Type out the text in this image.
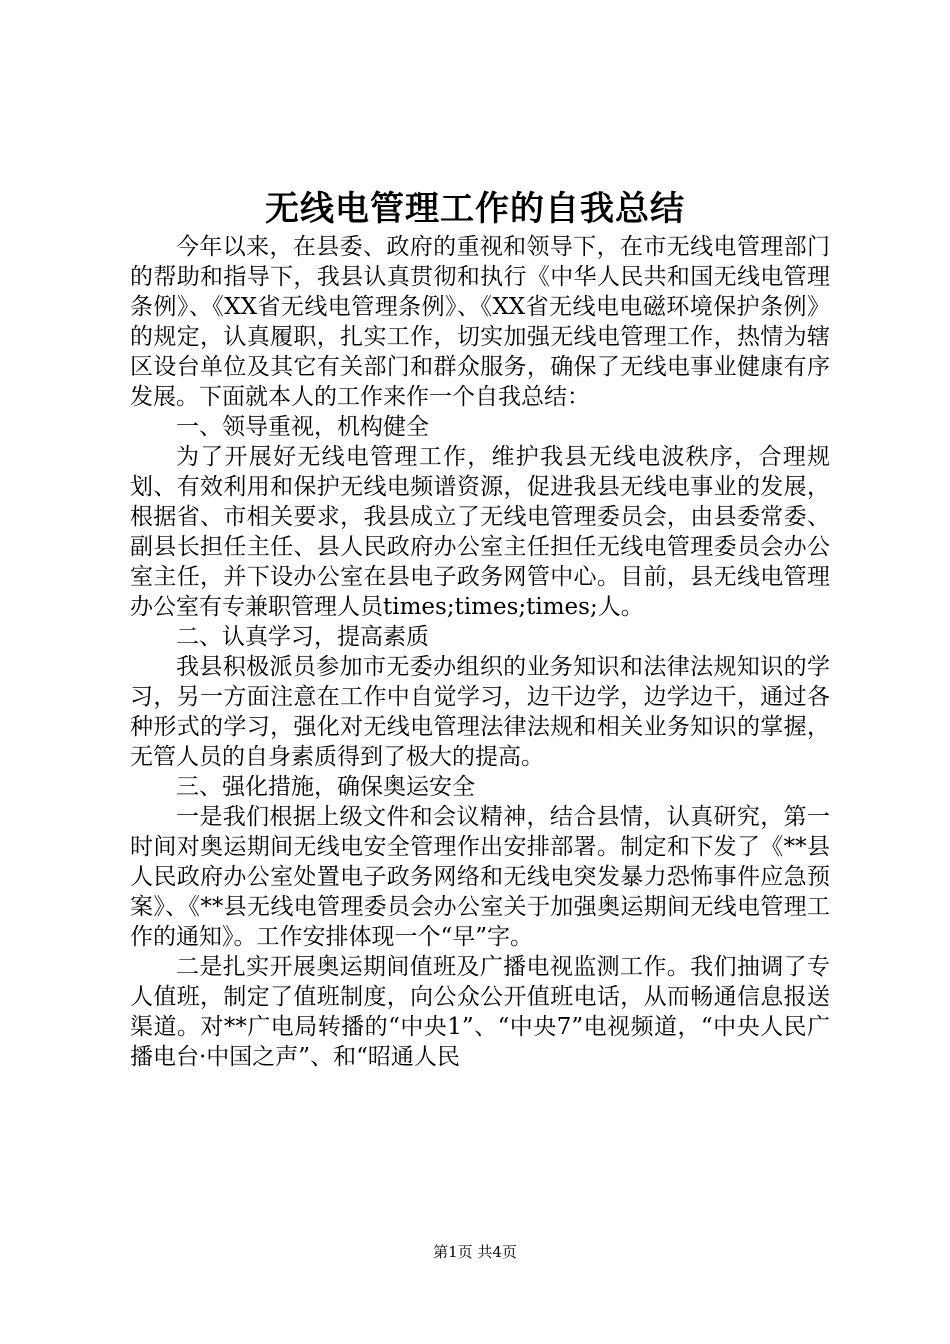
无线电管理工作的自我总结

今年以来，在县委、政府的重视和领导下，在市无线电管理部门的帮助和指导下，我县认真贯彻和执行《中华人民共和国无线电管理条例》、《XX省无线电管理条例》、《XX省无线电电磁环境保护条例》的规定，认真履职，扎实工作，切实加强无线电管理工作，热情为辖区设台单位及其它有关部门和群众服务，确保了无线电事业健康有序发展。下面就本人的工作来作一个自我总结：

一、领导重视，机构健全

为了开展好无线电管理工作，维护我县无线电波秩序，合理规划、有效利用和保护无线电频谱资源，促进我县无线电事业的发展，根据省、市相关要求，我县成立了无线电管理委员会，由县委常委、副县长担任主任、县人民政府办公室主任担任无线电管理委员会办公室主任，并下设办公室在县电子政务网管中心。目前，县无线电管理办公室有专兼职管理人员times;times;times;人。

二、认真学习，提高素质

我县积极派员参加市无委办组织的业务知识和法律法规知识的学习，另一方面注意在工作中自觉学习，边干边学，边学边干，通过各种形式的学习，强化对无线电管理法律法规和相关业务知识的掌握，无管人员的自身素质得到了极大的提高。

三、强化措施，确保奥运安全

一是我们根据上级文件和会议精神，结合县情，认真研究，第一时间对奥运期间无线电安全管理作出安排部署。制定和下发了《**县人民政府办公室处置电子政务网络和无线电突发暴力恐怖事件应急预案》、《**县无线电管理委员会办公室关于加强奥运期间无线电管理工作的通知》。工作安排体现一个“早”字。

二是扎实开展奥运期间值班及广播电视监测工作。我们抽调了专人值班，制定了值班制度，向公众公开值班电话，从而畅通信息报送渠道。对**广电局转播的“中央1”、“中央7”电视频道，“中央人民广播电台·中国之声”、和“昭通人民

第1页 共4页
